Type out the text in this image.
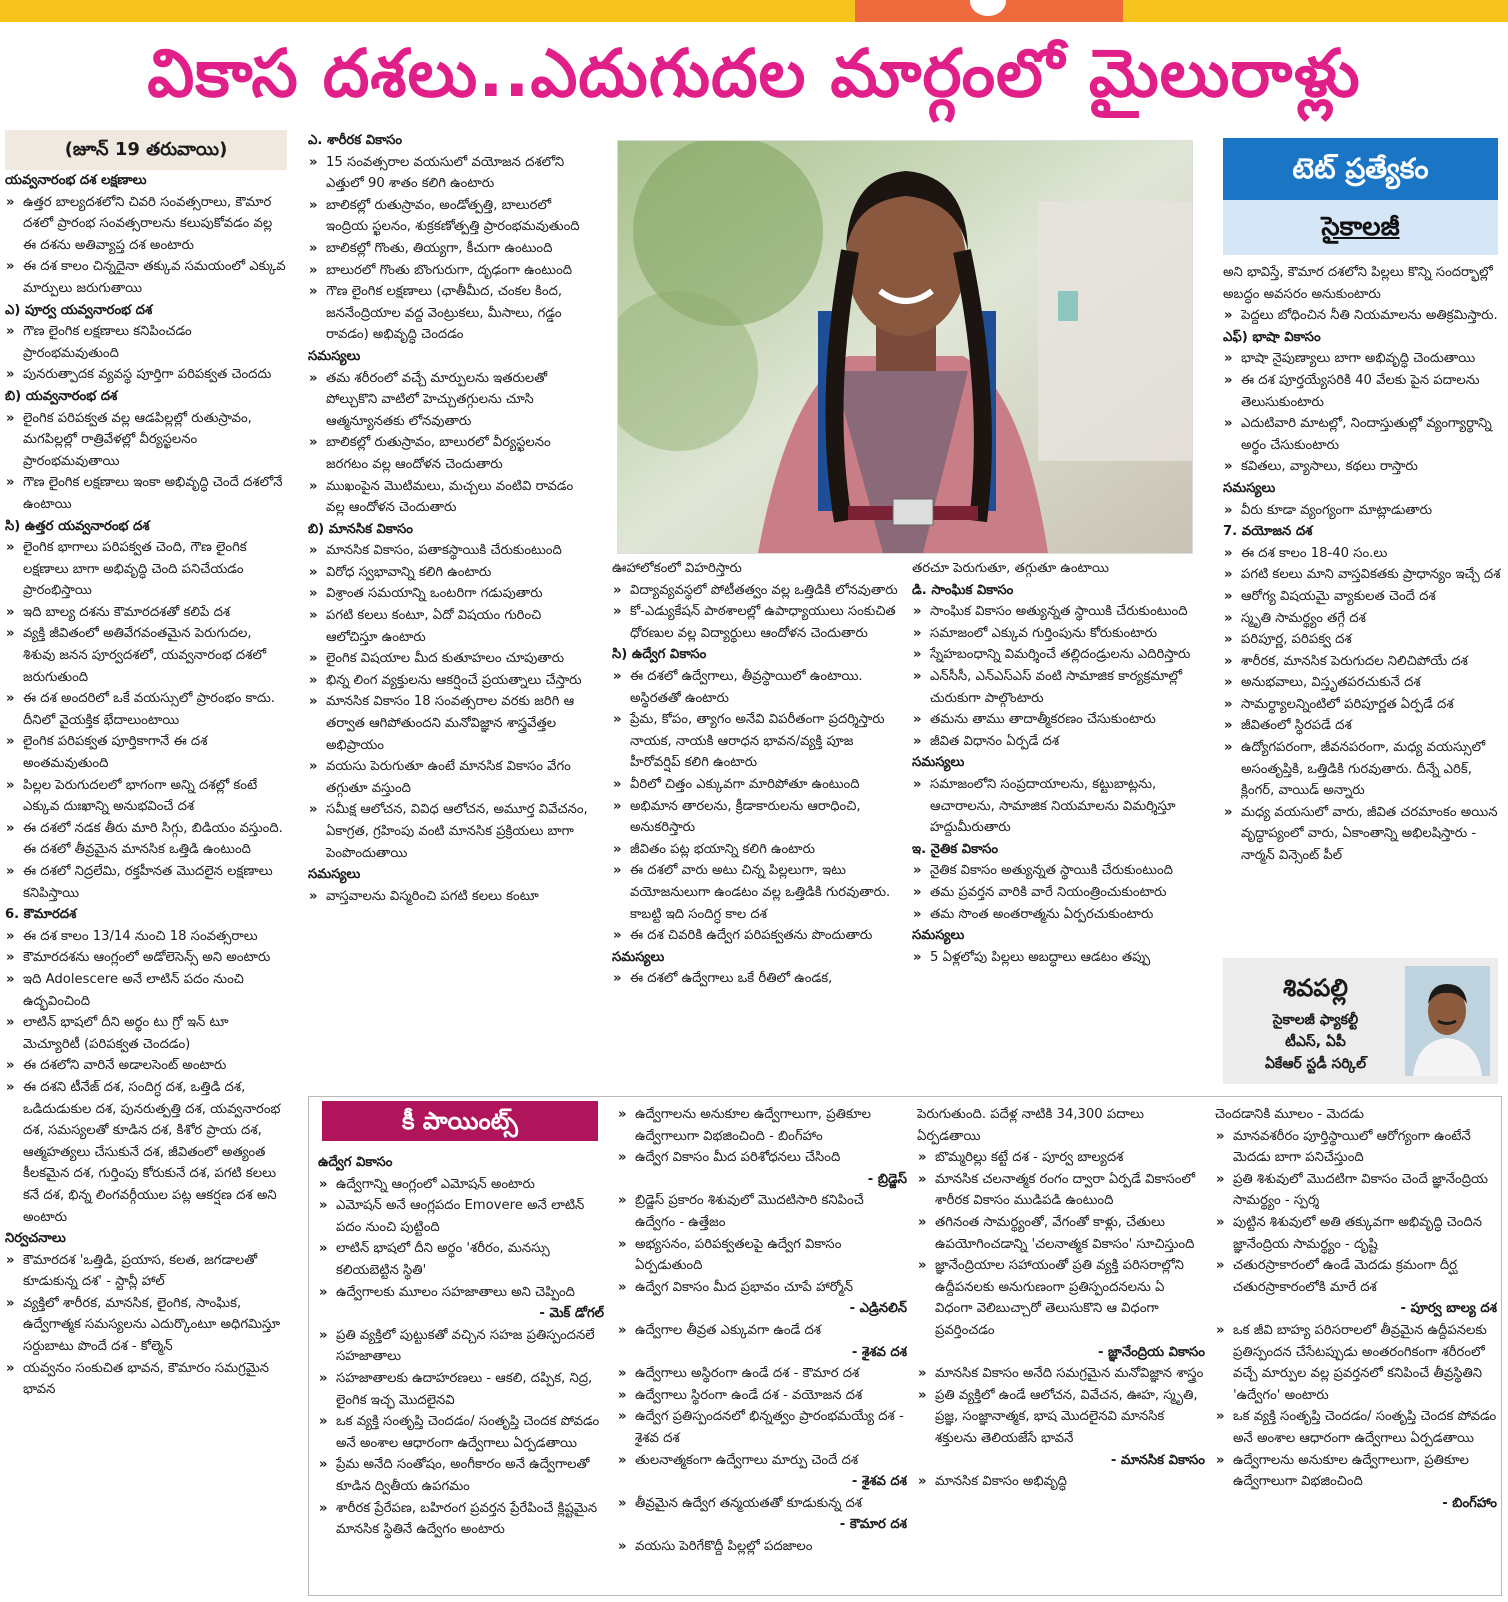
వికాస దశలు..ఎదుగుదల మార్గంలో మైలురాళ్లు

(జూన్ 19 తరువాయి)

యవ్వనారంభ దశ లక్షణాలు

» ఉత్తర బాల్యదశలోని చివరి సంవత్సరాలు, కౌమార దశలో ప్రారంభ సంవత్సరాలను కలుపుకోవడం వల్ల ఈ దశను అతివ్యాప్త దశ అంటారు

» ఈ దశ కాలం చిన్నదైనా తక్కువ సమయంలో ఎక్కువ మార్పులు జరుగుతాయి

ఎ) పూర్వ యవ్వనారంభ దశ

» గౌణ లైంగిక లక్షణాలు కనిపించడం ప్రారంభమవుతుంది

» పునరుత్పాదక వ్యవస్థ పూర్తిగా పరిపక్వత చెందదు

బి) యవ్వనారంభ దశ

» లైంగిక పరిపక్వత వల్ల ఆడపిల్లల్లో రుతుస్రావం, మగపిల్లల్లో రాత్రివేళల్లో వీర్యస్ఖలనం ప్రారంభమవుతాయి

» గౌణ లైంగిక లక్షణాలు ఇంకా అభివృద్ధి చెందే దశలోనే ఉంటాయి

సి) ఉత్తర యవ్వనారంభ దశ

» లైంగిక భాగాలు పరిపక్వత చెంది, గౌణ లైంగిక లక్షణాలు బాగా అభివృద్ధి చెంది పనిచేయడం ప్రారంభిస్తాయి

» ఇది బాల్య దశను కౌమారదశతో కలిపే దశ

» వ్యక్తి జీవితంలో అతివేగవంతమైన పెరుగుదల, శిశువు జనన పూర్వదశలో, యవ్వనారంభ దశలో జరుగుతుంది

» ఈ దశ అందరిలో ఒకే వయస్సులో ప్రారంభం కాదు. దీనిలో వైయక్తిక భేదాలుంటాయి

» లైంగిక పరిపక్వత పూర్తికాగానే ఈ దశ అంతమవుతుంది

» పిల్లల పెరుగుదలలో భాగంగా అన్ని దశల్లో కంటే ఎక్కువ దుఃఖాన్ని అనుభవించే దశ

» ఈ దశలో నడక తీరు మారి సిగ్గు, బిడియం వస్తుంది. ఈ దశలో తీవ్రమైన మానసిక ఒత్తిడి ఉంటుంది

» ఈ దశలో నిద్రలేమి, రక్తహీనత మొదలైన లక్షణాలు కనిపిస్తాయి

6. కౌమారదశ

» ఈ దశ కాలం 13/14 నుంచి 18 సంవత్సరాలు

» కౌమారదశను ఆంగ్లంలో అడోలెసెన్స్ అని అంటారు

» ఇది Adolescere అనే లాటిన్ పదం నుంచి ఉద్భవించింది

» లాటిన్ భాషలో దీని అర్థం టు గ్రో ఇన్ టూ మెచ్యూరిటీ (పరిపక్వత చెందడం)

» ఈ దశలోని వారినే అడాలసెంట్ అంటారు

» ఈ దశని టీనేజ్ దశ, సందిగ్ధ దశ, ఒత్తిడి దశ, ఒడిదుడుకుల దశ, పునరుత్పత్తి దశ, యవ్వనారంభ దశ, సమస్యలతో కూడిన దశ, కిశోర ప్రాయ దశ, ఆత్మహత్యలు చేసుకునే దశ, జీవితంలో అత్యంత కీలకమైన దశ, గుర్తింపు కోరుకునే దశ, పగటి కలలు కనే దశ, భిన్న లింగవర్గీయుల పట్ల ఆకర్షణ దశ అని అంటారు

నిర్వచనాలు

» కౌమారదశ 'ఒత్తిడి, ప్రయాస, కలత, జగడాలతో కూడుకున్న దశ' - స్టాన్లీ హాల్

» వ్యక్తిలో శారీరక, మానసిక, లైంగిక, సాంఘిక, ఉద్వేగాత్మక సమస్యలను ఎదుర్కొంటూ అధిగమిస్తూ సర్దుబాటు పొందే దశ - కోల్మెన్

» యవ్వనం సంకుచిత భావన, కౌమారం సమగ్రమైన భావన

ఎ. శారీరక వికాసం

» 15 సంవత్సరాల వయసులో వయోజన దశలోని ఎత్తులో 90 శాతం కలిగి ఉంటారు

» బాలికల్లో రుతుస్రావం, అండోత్పత్తి, బాలురలో ఇంద్రియ స్ఖలనం, శుక్రకణోత్పత్తి ప్రారంభమవుతుంది

» బాలికల్లో గొంతు, తియ్యగా, కీచుగా ఉంటుంది

» బాలురలో గొంతు బొంగురుగా, దృఢంగా ఉంటుంది

» గౌణ లైంగిక లక్షణాలు (ఛాతీమీద, చంకల కింద, జననేంద్రియాల వద్ద వెంట్రుకలు, మీసాలు, గడ్డం రావడం) అభివృద్ధి చెందడం

సమస్యలు

» తమ శరీరంలో వచ్చే మార్పులను ఇతరులతో పోల్చుకొని వాటిలో హెచ్చుతగ్గులను చూసి ఆత్మన్యూనతకు లోనవుతారు

» బాలికల్లో రుతుస్రావం, బాలురలో వీర్యస్ఖలనం జరగటం వల్ల ఆందోళన చెందుతారు

» ముఖంపైన మొటిమలు, మచ్చలు వంటివి రావడం వల్ల ఆందోళన చెందుతారు

బి) మానసిక వికాసం

» మానసిక వికాసం, పతాకస్థాయికి చేరుకుంటుంది

» విరోధ స్వభావాన్ని కలిగి ఉంటారు

» విశ్రాంత సమయాన్ని ఒంటరిగా గడుపుతారు

» పగటి కలలు కంటూ, ఏదో విషయం గురించి ఆలోచిస్తూ ఉంటారు

» లైంగిక విషయాల మీద కుతూహలం చూపుతారు

» భిన్న లింగ వ్యక్తులను ఆకర్షించే ప్రయత్నాలు చేస్తారు

» మానసిక వికాసం 18 సంవత్సరాల వరకు జరిగి ఆ తర్వాత ఆగిపోతుందని మనోవిజ్ఞాన శాస్త్రవేత్తల అభిప్రాయం

» వయసు పెరుగుతూ ఉంటే మానసిక వికాసం వేగం తగ్గుతూ వస్తుంది

» సమీక్ష ఆలోచన, వివిధ ఆలోచన, అమూర్త వివేచనం, ఏకాగ్రత, గ్రహింపు వంటి మానసిక ప్రక్రియలు బాగా పెంపొందుతాయి

సమస్యలు

» వాస్తవాలను విస్మరించి పగటి కలలు కంటూ

ఊహాలోకంలో విహరిస్తారు

» విద్యావ్యవస్థలో పోటీతత్వం వల్ల ఒత్తిడికి లోనవుతారు

» కో-ఎడ్యుకేషన్ పాఠశాలల్లో ఉపాధ్యాయులు సంకుచిత ధోరణుల వల్ల విద్యార్థులు ఆందోళన చెందుతారు

సి) ఉద్వేగ వికాసం

» ఈ దశలో ఉద్వేగాలు, తీవ్రస్థాయిలో ఉంటాయి. అస్థిరతతో ఉంటారు

» ప్రేమ, కోపం, త్యాగం అనేవి విపరీతంగా ప్రదర్శిస్తారు నాయక, నాయకి ఆరాధన భావన/వ్యక్తి పూజ హీరోవర్షిప్ కలిగి ఉంటారు

» వీరిలో చిత్తం ఎక్కువగా మారిపోతూ ఉంటుంది

» అభిమాన తారలను, క్రీడాకారులను ఆరాధించి, అనుకరిస్తారు

» జీవితం పట్ల భయాన్ని కలిగి ఉంటారు

» ఈ దశలో వారు అటు చిన్న పిల్లలుగా, ఇటు వయోజనులుగా ఉండటం వల్ల ఒత్తిడికి గురవుతారు. కాబట్టి ఇది సందిగ్ధ కాల దశ

» ఈ దశ చివరికి ఉద్వేగ పరిపక్వతను పొందుతారు

సమస్యలు

» ఈ దశలో ఉద్వేగాలు ఒకే రీతిలో ఉండక,

తరచూ పెరుగుతూ, తగ్గుతూ ఉంటాయి

డి. సాంఘిక వికాసం

» సాంఘిక వికాసం అత్యున్నత స్థాయికి చేరుకుంటుంది

» సమాజంలో ఎక్కువ గుర్తింపును కోరుకుంటారు

» స్నేహబంధాన్ని విమర్శించే తల్లిదండ్రులను ఎదిరిస్తారు

» ఎన్‌సీసీ, ఎన్‌ఎస్‌ఎస్ వంటి సామాజిక కార్యక్రమాల్లో చురుకుగా పాల్గొంటారు

» తమను తాము తాదాత్మీకరణం చేసుకుంటారు

» జీవిత విధానం ఏర్పడే దశ

సమస్యలు

» సమాజంలోని సంప్రదాయాలను, కట్టుబాట్లను, ఆచారాలను, సామాజిక నియమాలను విమర్శిస్తూ హద్దుమీరుతారు

ఇ. నైతిక వికాసం

» నైతిక వికాసం అత్యున్నత స్థాయికి చేరుకుంటుంది

» తమ ప్రవర్తన వారికి వారే నియంత్రించుకుంటారు

» తమ సొంత అంతరాత్మను ఏర్పరచుకుంటారు

సమస్యలు

» 5 ఏళ్లలోపు పిల్లలు అబద్ధాలు ఆడటం తప్పు

టెట్ ప్రత్యేకం
సైకాలజీ

అని భావిస్తే, కౌమార దశలోని పిల్లలు కొన్ని సందర్భాల్లో అబద్ధం అవసరం అనుకుంటారు

» పెద్దలు బోధించిన నీతి నియమాలను అతిక్రమిస్తారు.

ఎఫ్) భాషా వికాసం

» భాషా నైపుణ్యాలు బాగా అభివృద్ధి చెందుతాయి

» ఈ దశ పూర్తయ్యేసరికి 40 వేలకు పైన పదాలను తెలుసుకుంటారు

» ఎదుటివారి మాటల్లో, నిందాస్తుతుల్లో వ్యంగ్యార్థాన్ని అర్థం చేసుకుంటారు

» కవితలు, వ్యాసాలు, కథలు రాస్తారు

సమస్యలు

» వీరు కూడా వ్యంగ్యంగా మాట్లాడుతారు

7. వయోజన దశ

» ఈ దశ కాలం 18-40 సం.లు

» పగటి కలలు మాని వాస్తవికతకు ప్రాధాన్యం ఇచ్చే దశ

» ఆరోగ్య విషయమై వ్యాకులత చెందే దశ

» స్మృతి సామర్థ్యం తగ్గే దశ

» పరిపూర్ణ, పరిపక్వ దశ

» శారీరక, మానసిక పెరుగుదల నిలిచిపోయే దశ

» అనుభవాలు, విస్తృతపరచుకునే దశ

» సామర్థ్యాలన్నింటిలో పరిపూర్ణత ఏర్పడే దశ

» జీవితంలో స్థిరపడే దశ

» ఉద్యోగపరంగా, జీవనపరంగా, మధ్య వయస్సులో అసంతృప్తికి, ఒత్తిడికి గురవుతారు. దీన్నే ఎరిక్, క్లింగర్, వాయిడ్ అన్నారు

» మధ్య వయసులో వారు, జీవిత చరమాంకం అయిన వృద్ధాప్యంలో వారు, ఏకాంతాన్ని అభిలషిస్తారు - నార్మన్ విన్సెంట్ పీల్

శివపల్లి
సైకాలజీ ఫ్యాకల్టీ
టీఎస్, ఏపీ
ఏకేఆర్ స్టడీ సర్కిల్
కీ పాయింట్స్

ఉద్వేగ వికాసం

» ఉద్వేగాన్ని ఆంగ్లంలో ఎమోషన్ అంటారు

» ఎమోషన్ అనే ఆంగ్లపదం Emovere అనే లాటిన్ పదం నుంచి పుట్టింది

» లాటిన్ భాషలో దీని అర్థం 'శరీరం, మనస్సు కలియబెట్టిన స్థితి'

» ఉద్వేగాలకు మూలం సహజాతాలు అని చెప్పింది

- మెక్ డోగల్

» ప్రతి వ్యక్తిలో పుట్టుకతో వచ్చిన సహజ ప్రతిస్పందనలే సహజాతాలు

» సహజాతాలకు ఉదాహరణలు - ఆకలి, దప్పిక, నిద్ర, లైంగిక ఇచ్ఛ మొదలైనవి

» ఒక వ్యక్తి సంతృప్తి చెందడం/ సంతృప్తి చెందక పోవడం అనే అంశాల ఆధారంగా ఉద్వేగాలు ఏర్పడతాయి

» ప్రేమ అనేది సంతోషం, అంగీకారం అనే ఉద్వేగాలతో కూడిన ద్వితీయ ఉపగమం

» శారీరక ప్రేరేపణ, బహిరంగ ప్రవర్తన ప్రేరేపించే క్లిష్టమైన మానసిక స్థితినే ఉద్వేగం అంటారు

» ఉద్వేగాలను అనుకూల ఉద్వేగాలుగా, ప్రతికూల ఉద్వేగాలుగా విభజించింది - బింగ్‌హాం

» ఉద్వేగ వికాసం మీద పరిశోధనలు చేసింది

- బ్రిడ్జెస్

» బ్రిడ్జెస్ ప్రకారం శిశువులో మొదటిసారి కనిపించే ఉద్వేగం - ఉత్తేజం

» అభ్యసనం, పరిపక్వతలపై ఉద్వేగ వికాసం ఏర్పడుతుంది

» ఉద్వేగ వికాసం మీద ప్రభావం చూపే హార్మోన్

- ఎడ్రినలిన్

» ఉద్వేగాల తీవ్రత ఎక్కువగా ఉండే దశ

- శైశవ దశ

» ఉద్వేగాలు అస్థిరంగా ఉండే దశ - కౌమార దశ

» ఉద్వేగాలు స్థిరంగా ఉండే దశ - వయోజన దశ

» ఉద్వేగ ప్రతిస్పందనలో భిన్నత్వం ప్రారంభమయ్యే దశ - శైశవ దశ

» తులనాత్మకంగా ఉద్వేగాలు మార్పు చెందే దశ

- శైశవ దశ

» తీవ్రమైన ఉద్వేగ తన్మయతతో కూడుకున్న దశ

- కౌమార దశ

» వయసు పెరిగేకొద్దీ పిల్లల్లో పదజాలం

పెరుగుతుంది. పదేళ్ల నాటికి 34,300 పదాలు ఏర్పడతాయి

» బొమ్మరిల్లు కట్టే దశ - పూర్వ బాల్యదశ

» మానసిక చలనాత్మక రంగం ద్వారా ఏర్పడే వికాసంలో శారీరక వికాసం ముడిపడి ఉంటుంది

» తగినంత సామర్థ్యంతో, వేగంతో కాళ్లు, చేతులు ఉపయోగించడాన్ని 'చలనాత్మక వికాసం' సూచిస్తుంది

» జ్ఞానేంద్రియాల సహాయంతో ప్రతి వ్యక్తి పరిసరాల్లోని ఉద్దీపనలకు అనుగుణంగా ప్రతిస్పందనలను ఏ విధంగా వెలిబుచ్చారో తెలుసుకొని ఆ విధంగా ప్రవర్తించడం

- జ్ఞానేంద్రియ వికాసం

» మానసిక వికాసం అనేది సమగ్రమైన మనోవిజ్ఞాన శాస్త్రం

» ప్రతి వ్యక్తిలో ఉండే ఆలోచన, వివేచన, ఊహ, స్మృతి, ప్రజ్ఞ, సంజ్ఞానాత్మక, భాష మొదలైనవి మానసిక శక్తులను తెలియజేసే భావనే

- మానసిక వికాసం

» మానసిక వికాసం అభివృద్ధి

చెందడానికి మూలం - మెదడు

» మానవశరీరం పూర్తిస్థాయిలో ఆరోగ్యంగా ఉంటేనే మెదడు బాగా పనిచేస్తుంది

» ప్రతి శిశువులో మొదటిగా వికాసం చెందే జ్ఞానేంద్రియ సామర్థ్యం - స్పర్శ

» పుట్టిన శిశువులో అతి తక్కువగా అభివృద్ధి చెందిన జ్ఞానేంద్రియ సామర్థ్యం - దృష్టి

» చతురస్రాకారంలో ఉండే మెదడు క్రమంగా దీర్ఘ చతురస్రాకారంలోకి మారే దశ

- పూర్వ బాల్య దశ

» ఒక జీవి బాహ్య పరిసరాలలో తీవ్రమైన ఉద్దీపనలకు ప్రతిస్పందన చేసేటప్పుడు అంతరంగికంగా శరీరంలో వచ్చే మార్పుల వల్ల ప్రవర్తనలో కనిపించే తీవ్రస్థితిని 'ఉద్వేగం' అంటారు

» ఒక వ్యక్తి సంతృప్తి చెందడం/ సంతృప్తి చెందక పోవడం అనే అంశాల ఆధారంగా ఉద్వేగాలు ఏర్పడతాయి

» ఉద్వేగాలను అనుకూల ఉద్వేగాలుగా, ప్రతికూల ఉద్వేగాలుగా విభజించింది

- బింగ్‌హాం
